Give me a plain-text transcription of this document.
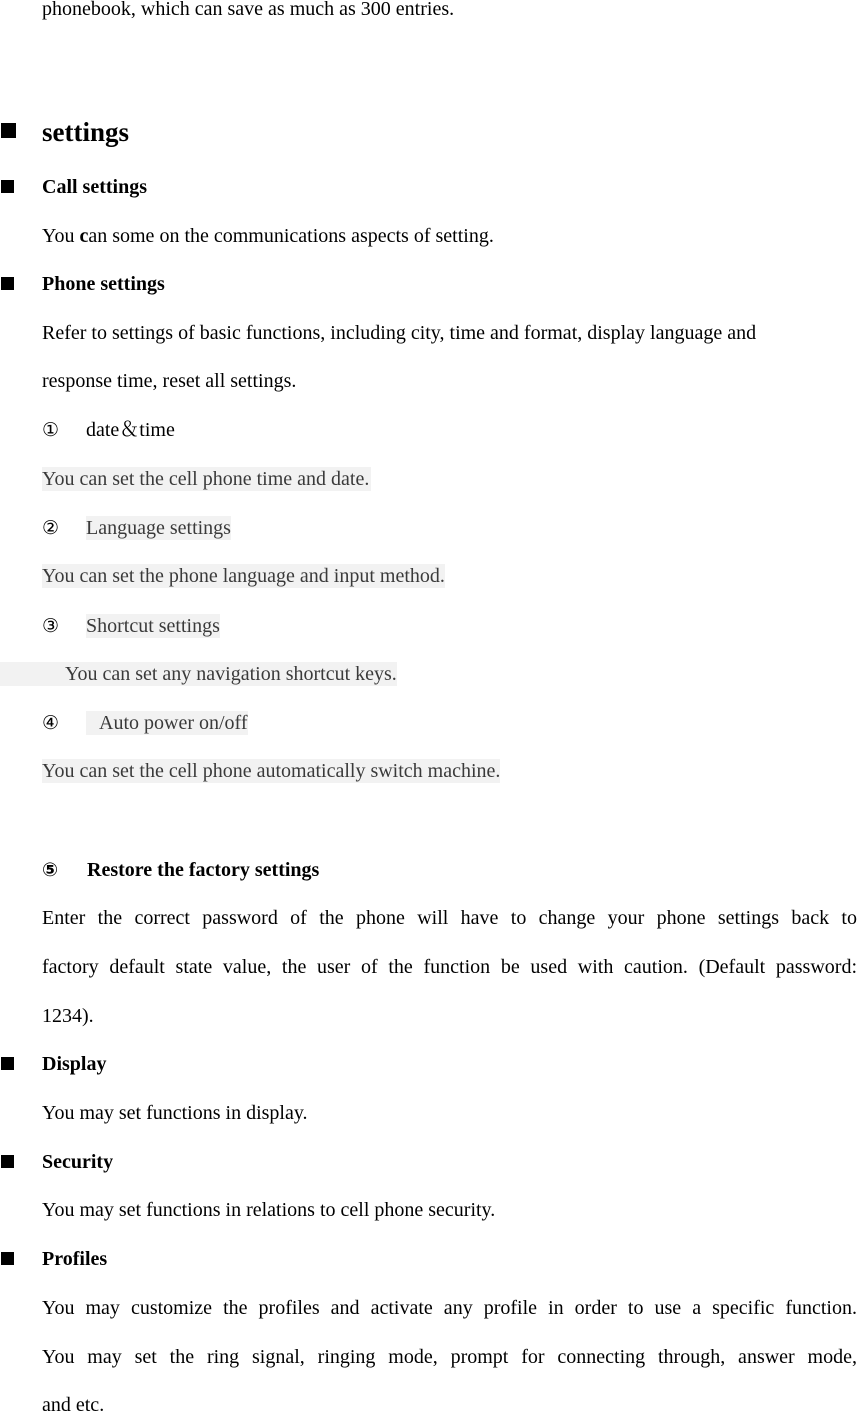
phonebook, which can save as much as 300 entries.
settings
Call settings
You can some on the communications aspects of setting.
Phone settings
Refer to settings of basic functions, including city, time and format, display language and
response time, reset all settings.
① date＆time
You can set the cell phone time and date.
② Language settings
You can set the phone language and input method.
③ Shortcut settings
You can set any navigation shortcut keys.
④	Auto power on/off
You can set the cell phone automatically switch machine.
⑤ Restore the factory settings
Enter the correct password of the phone will have to change your phone settings back to
factory default state value, the user of the function be used with caution. (Default password:
1234).
Display
You may set functions in display.
Security
You may set functions in relations to cell phone security.
Profiles
You may customize the profiles and activate any profile in order to use a specific function.
You may set the ring signal, ringing mode, prompt for connecting through, answer mode,
and etc.
